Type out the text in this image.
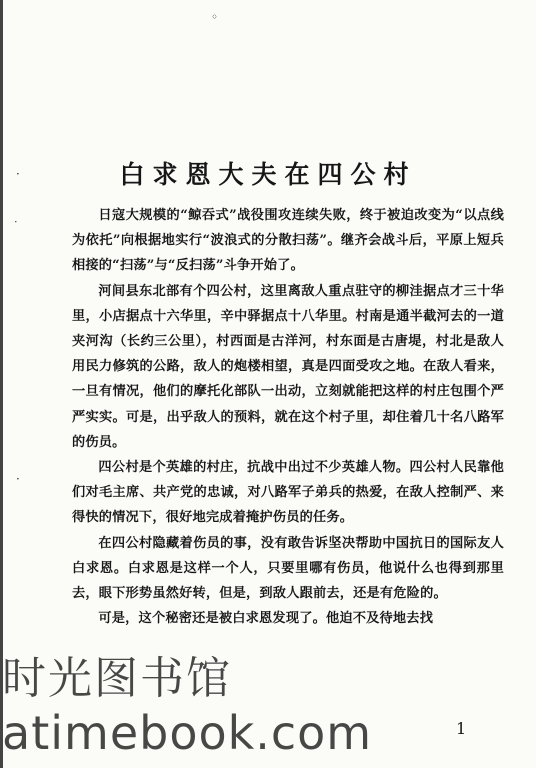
◦
·
ᐧ
·
白求恩大夫在四公村

日寇大规模的“鲸吞式”战役围攻连续失败，终于被迫改变为“以点线为依托”向根据地实行“波浪式的分散扫荡”。继齐会战斗后，平原上短兵相接的“扫荡”与“反扫荡”斗争开始了。

河间县东北部有个四公村，这里离敌人重点驻守的柳洼据点才三十华里，小店据点十六华里，辛中驿据点十八华里。村南是通半截河去的一道夹河沟（长约三公里），村西面是古洋河，村东面是古唐堤，村北是敌人用民力修筑的公路，敌人的炮楼相望，真是四面受攻之地。在敌人看来，一旦有情况，他们的摩托化部队一出动，立刻就能把这样的村庄包围个严严实实。可是，出乎敌人的预料，就在这个村子里，却住着几十名八路军的伤员。

四公村是个英雄的村庄，抗战中出过不少英雄人物。四公村人民靠他们对毛主席、共产党的忠诚，对八路军子弟兵的热爱，在敌人控制严、来得快的情况下，很好地完成着掩护伤员的任务。

在四公村隐藏着伤员的事，没有敢告诉坚决帮助中国抗日的国际友人白求恩。白求恩是这样一个人，只要里哪有伤员，他说什么也得到那里去，眼下形势虽然好转，但是，到敌人跟前去，还是有危险的。

可是，这个秘密还是被白求恩发现了。他迫不及待地去找

1
时光图书馆
atimebook.com
